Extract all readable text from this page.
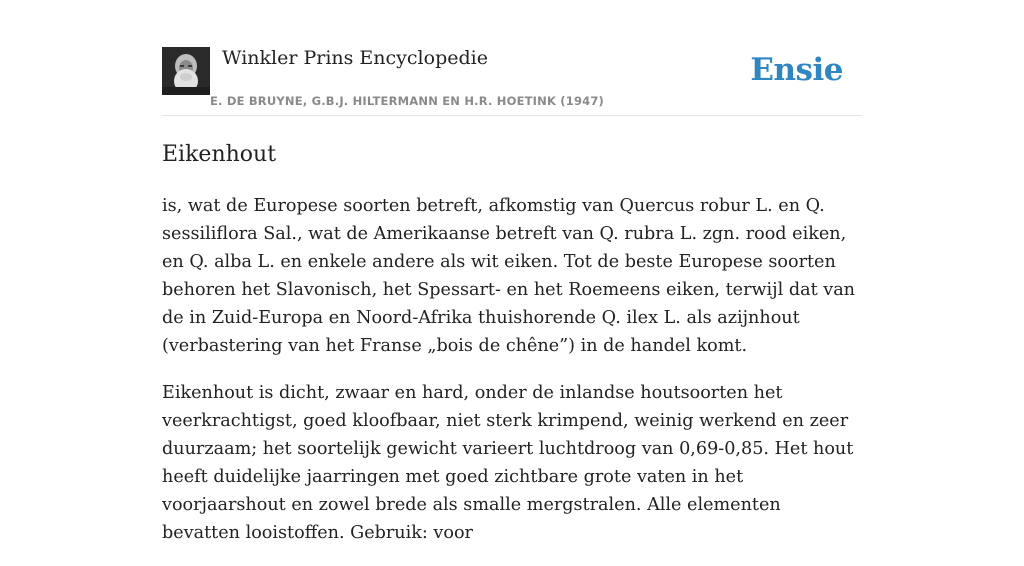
Winkler Prins Encyclopedie
E. DE BRUYNE, G.B.J. HILTERMANN EN H.R. HOETINK (1947)
Ensie
Eikenhout

is, wat de Europese soorten betreft, afkomstig van Quercus robur L. en Q. sessiliflora Sal., wat de Amerikaanse betreft van Q. rubra L. zgn. rood eiken, en Q. alba L. en enkele andere als wit eiken. Tot de beste Europese soorten behoren het Slavonisch, het Spessart- en het Roemeens eiken, terwijl dat van de in Zuid-Europa en Noord-Afrika thuishorende Q. ilex L. als azijnhout (verbastering van het Franse „bois de chêne”) in de handel komt.

Eikenhout is dicht, zwaar en hard, onder de inlandse houtsoorten het veerkrachtigst, goed kloofbaar, niet sterk krimpend, weinig werkend en zeer duurzaam; het soortelijk gewicht varieert luchtdroog van 0,69-0,85. Het hout heeft duidelijke jaarringen met goed zichtbare grote vaten in het voorjaarshout en zowel brede als smalle mergstralen. Alle elementen bevatten looistoffen. Gebruik: voor
